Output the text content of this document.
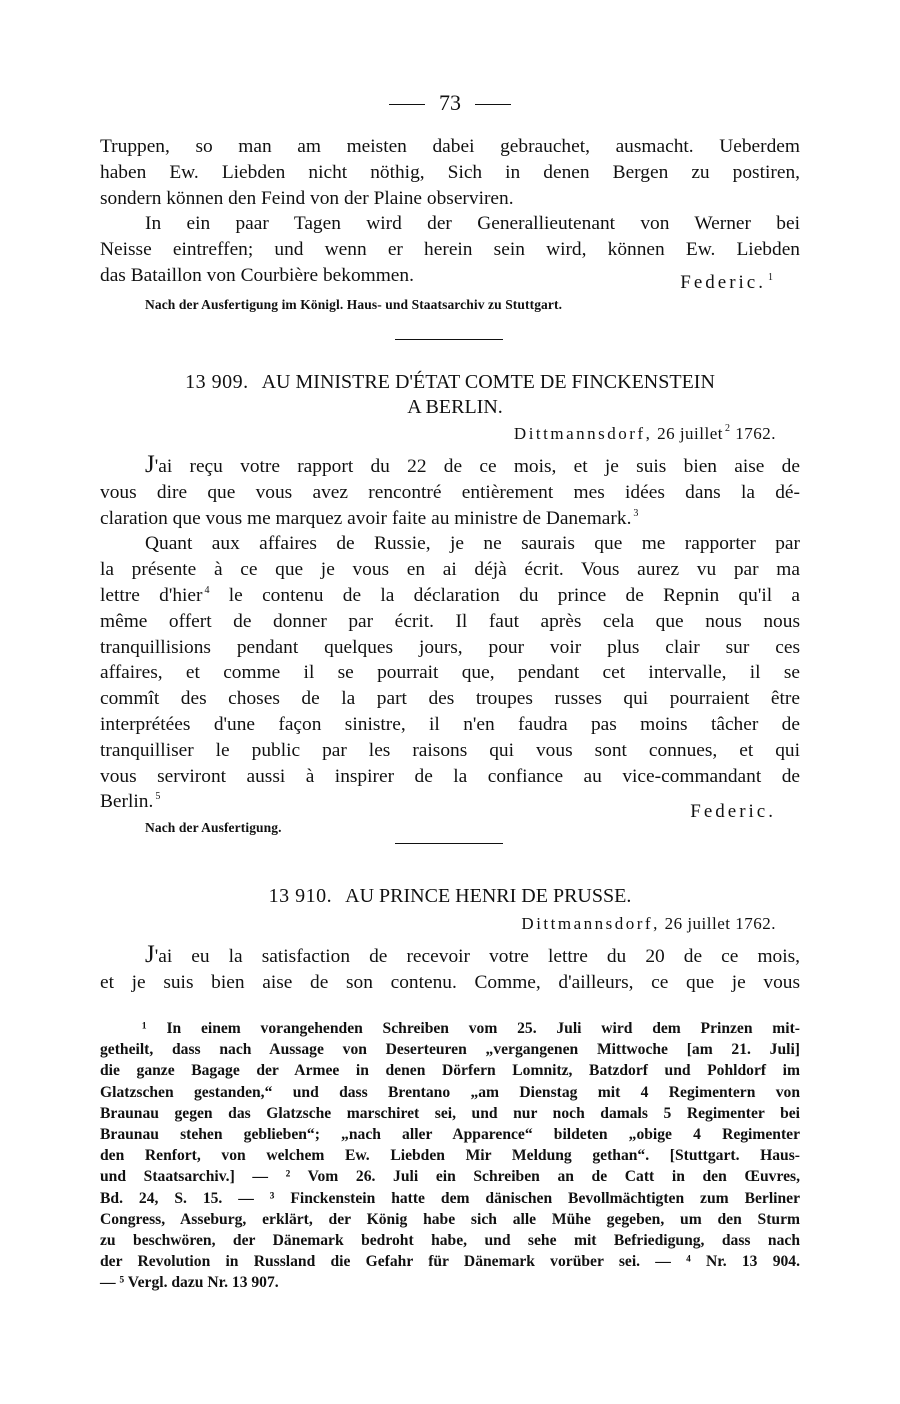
73
Truppen, so man am meisten dabei gebrauchet, ausmacht. Ueberdem
haben Ew. Liebden nicht nöthig, Sich in denen Bergen zu postiren,
sondern können den Feind von der Plaine observiren.
In ein paar Tagen wird der Generallieutenant von Werner bei
Neisse eintreffen; und wenn er herein sein wird, können Ew. Liebden
das Bataillon von Courbière bekommen.	Federic. $^1$
Nach der Ausfertigung im Königl. Haus- und Staatsarchiv zu Stuttgart.
13 909. AU MINISTRE D'ÉTAT COMTE DE FINCKENSTEIN
A BERLIN.
Dittmannsdorf, 26 juillet $^2$ 1762.
J'ai reçu votre rapport du 22 de ce mois, et je suis bien aise de
vous dire que vous avez rencontré entièrement mes idées dans la dé-
claration que vous me marquez avoir faite au ministre de Danemark. $^3$
Quant aux affaires de Russie, je ne saurais que me rapporter par
la présente à ce que je vous en ai déjà écrit. Vous aurez vu par ma
lettre d'hier $^4$ le contenu de la déclaration du prince de Repnin qu'il a
même offert de donner par écrit. Il faut après cela que nous nous
tranquillisions pendant quelques jours, pour voir plus clair sur ces
affaires, et comme il se pourrait que, pendant cet intervalle, il se
commît des choses de la part des troupes russes qui pourraient être
interprétées d'une façon sinistre, il n'en faudra pas moins tâcher de
tranquilliser le public par les raisons qui vous sont connues, et qui
vous serviront aussi à inspirer de la confiance au vice-commandant de
Berlin. $^5$
Federic.
Nach der Ausfertigung.
13 910. AU PRINCE HENRI DE PRUSSE.
Dittmannsdorf, 26 juillet 1762.
J'ai eu la satisfaction de recevoir votre lettre du 20 de ce mois,
et je suis bien aise de son contenu. Comme, d'ailleurs, ce que je vous
¹ In einem vorangehenden Schreiben vom 25. Juli wird dem Prinzen mit-
getheilt, dass nach Aussage von Deserteuren „vergangenen Mittwoche [am 21. Juli]
die ganze Bagage der Armee in denen Dörfern Lomnitz, Batzdorf und Pohldorf im
Glatzschen gestanden,“ und dass Brentano „am Dienstag mit 4 Regimentern von
Braunau gegen das Glatzsche marschiret sei, und nur noch damals 5 Regimenter bei
Braunau stehen geblieben“; „nach aller Apparence“ bildeten „obige 4 Regimenter
den Renfort, von welchem Ew. Liebden Mir Meldung gethan“. [Stuttgart. Haus-
und Staatsarchiv.] — ² Vom 26. Juli ein Schreiben an de Catt in den Œuvres,
Bd. 24, S. 15. — ³ Finckenstein hatte dem dänischen Bevollmächtigten zum Berliner
Congress, Asseburg, erklärt, der König habe sich alle Mühe gegeben, um den Sturm
zu beschwören, der Dänemark bedroht habe, und sehe mit Befriedigung, dass nach
der Revolution in Russland die Gefahr für Dänemark vorüber sei. — ⁴ Nr. 13 904.
— ⁵ Vergl. dazu Nr. 13 907.
